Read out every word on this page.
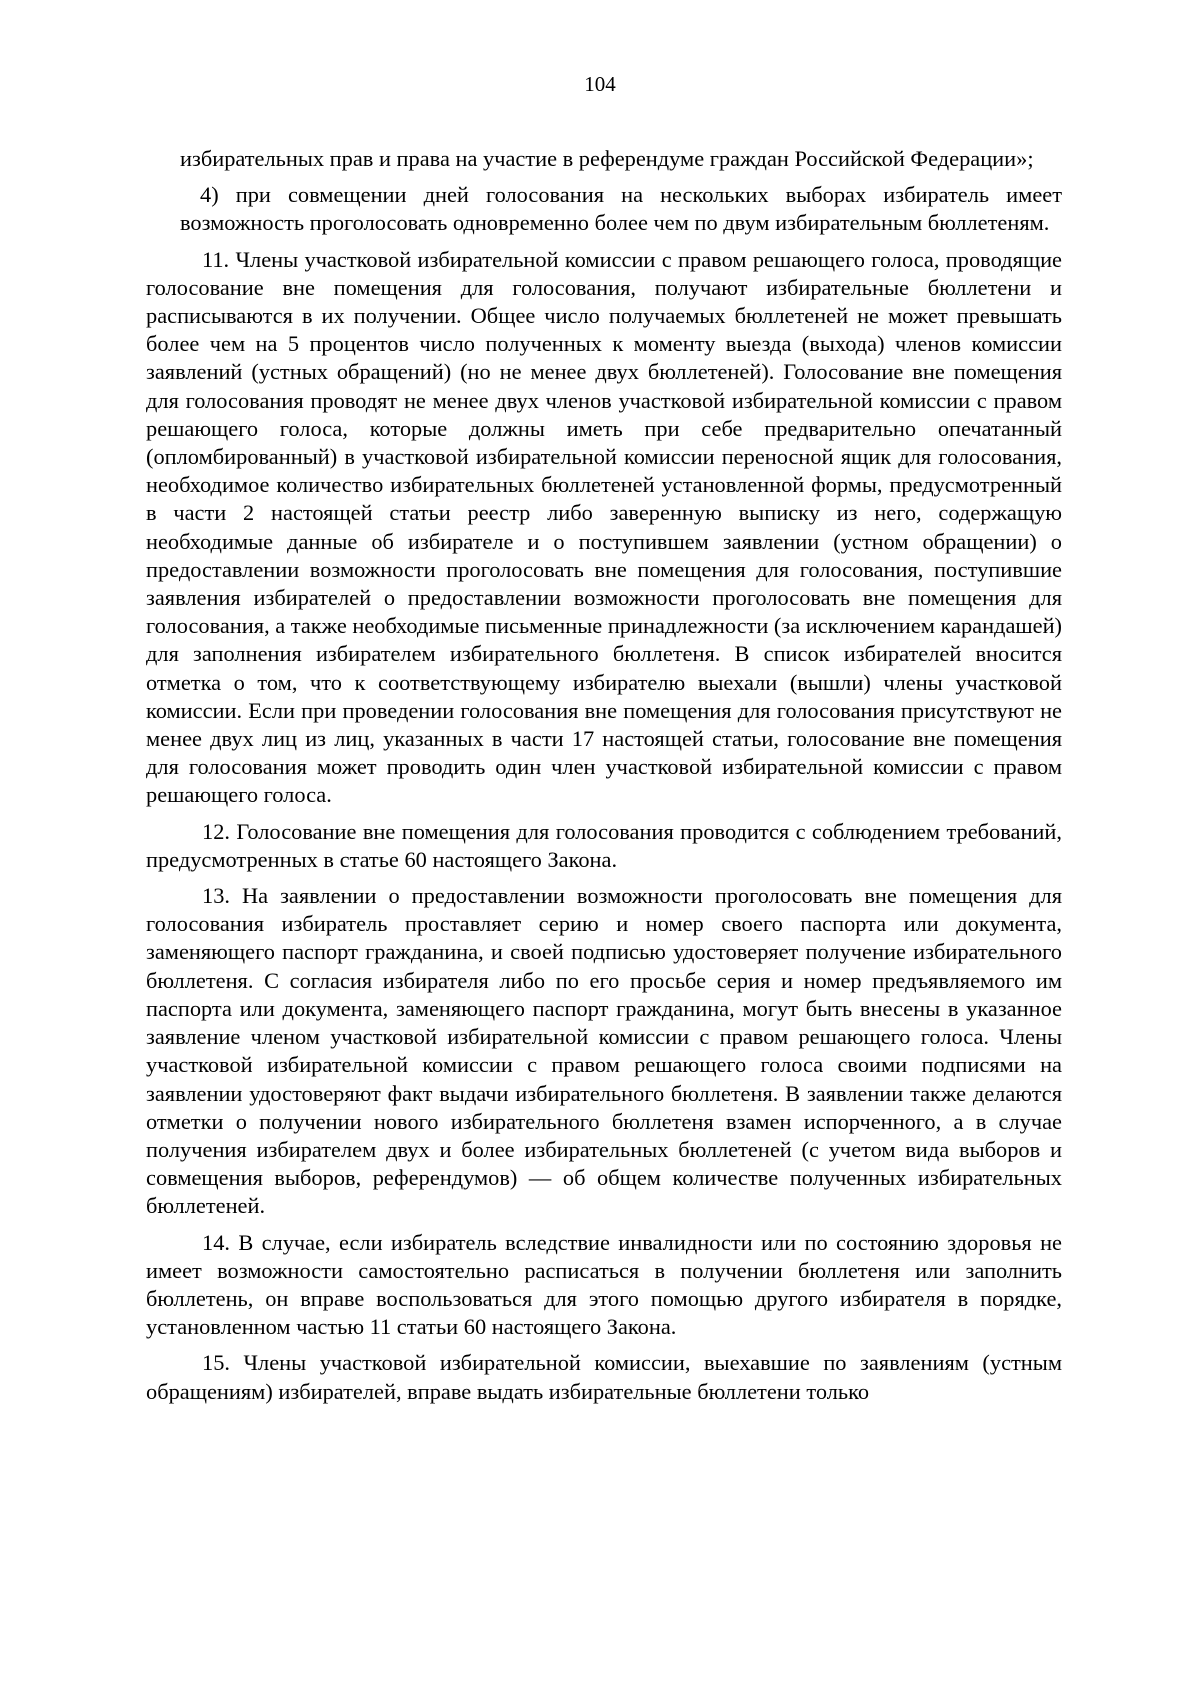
104

избирательных прав и права на участие в референдуме граждан Российской Федерации»;

4) при совмещении дней голосования на нескольких выборах избиратель имеет возможность проголосовать одновременно более чем по двум избирательным бюллетеням.

11. Члены участковой избирательной комиссии с правом решающего голоса, проводящие голосование вне помещения для голосования, получают избирательные бюллетени и расписываются в их получении. Общее число получаемых бюллетеней не может превышать более чем на 5 процентов число полученных к моменту выезда (выхода) членов комиссии заявлений (устных обращений) (но не менее двух бюллетеней). Голосование вне помещения для голосования проводят не менее двух членов участковой избирательной комиссии с правом решающего голоса, которые должны иметь при себе предварительно опечатанный (опломбированный) в участковой избирательной комиссии переносной ящик для голосования, необходимое количество избирательных бюллетеней установленной формы, предусмотренный в части 2 настоящей статьи реестр либо заверенную выписку из него, содержащую необходимые данные об избирателе и о поступившем заявлении (устном обращении) о предоставлении возможности проголосовать вне помещения для голосования, поступившие заявления избирателей о предоставлении возможности проголосовать вне помещения для голосования, а также необходимые письменные принадлежности (за исключением карандашей) для заполнения избирателем избирательного бюллетеня. В список избирателей вносится отметка о том, что к соответствующему избирателю выехали (вышли) члены участковой комиссии. Если при проведении голосования вне помещения для голосования присутствуют не менее двух лиц из лиц, указанных в части 17 настоящей статьи, голосование вне помещения для голосования может проводить один член участковой избирательной комиссии с правом решающего голоса.

12. Голосование вне помещения для голосования проводится с соблюдением требований, предусмотренных в статье 60 настоящего Закона.

13. На заявлении о предоставлении возможности проголосовать вне помещения для голосования избиратель проставляет серию и номер своего паспорта или документа, заменяющего паспорт гражданина, и своей подписью удостоверяет получение избирательного бюллетеня. С согласия избирателя либо по его просьбе серия и номер предъявляемого им паспорта или документа, заменяющего паспорт гражданина, могут быть внесены в указанное заявление членом участковой избирательной комиссии с правом решающего голоса. Члены участковой избирательной комиссии с правом решающего голоса своими подписями на заявлении удостоверяют факт выдачи избирательного бюллетеня. В заявлении также делаются отметки о получении нового избирательного бюллетеня взамен испорченного, а в случае получения избирателем двух и более избирательных бюллетеней (с учетом вида выборов и совмещения выборов, референдумов) — об общем количестве полученных избирательных бюллетеней.

14. В случае, если избиратель вследствие инвалидности или по состоянию здоровья не имеет возможности самостоятельно расписаться в получении бюллетеня или заполнить бюллетень, он вправе воспользоваться для этого помощью другого избирателя в порядке, установленном частью 11 статьи 60 настоящего Закона.

15. Члены участковой избирательной комиссии, выехавшие по заявлениям (устным обращениям) избирателей, вправе выдать избирательные бюллетени только
